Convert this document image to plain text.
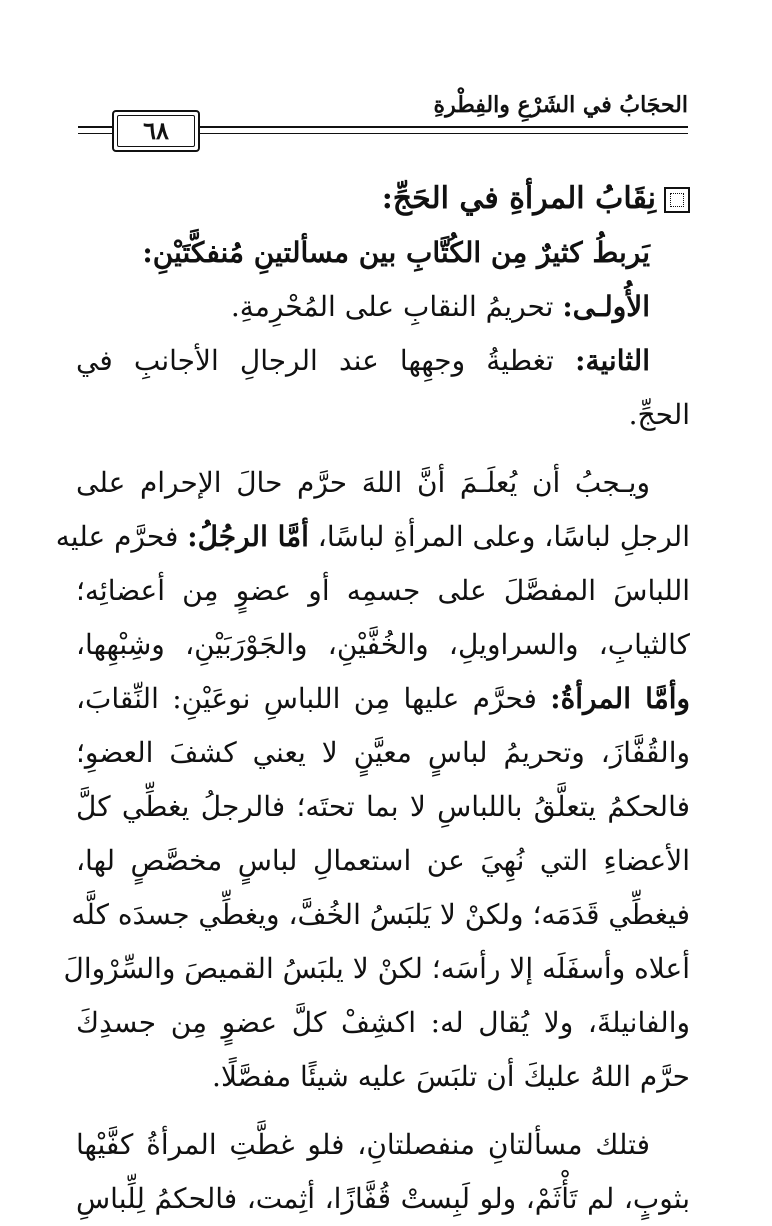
الحجَابُ في الشَرْعِ والفِطْرةِ
٦٨
نِقَابُ المرأةِ في الحَجِّ:
يَربطُ كثيرٌ مِن الكُتَّابِ بين مسألتينِ مُنفكَّتَيْنِ:
الأُولـى: تحريمُ النقابِ على المُحْرِمةِ.
الثانية: تغطيةُ وجهِها عند الرجالِ الأجانبِ في
الحجِّ.
ويـجبُ أن يُعلَـمَ أنَّ اللهَ حرَّم حالَ الإحرام على
الرجلِ لباسًا، وعلى المرأةِ لباسًا، أمَّا الرجُلُ: فحرَّم عليه
اللباسَ المفصَّلَ على جسمِه أو عضوٍ مِن أعضائِه؛
كالثيابِ، والسراويلِ، والخُفَّيْنِ، والجَوْرَبَيْنِ، وشِبْهِها،
وأمَّا المرأةُ: فحرَّم عليها مِن اللباسِ نوعَيْنِ: النِّقابَ،
والقُفَّازَ، وتحريمُ لباسٍ معيَّنٍ لا يعني كشفَ العضوِ؛
فالحكمُ يتعلَّقُ باللباسِ لا بما تحتَه؛ فالرجلُ يغطِّي كلَّ
الأعضاءِ التي نُهِيَ عن استعمالِ لباسٍ مخصَّصٍ لها،
فيغطِّي قَدَمَه؛ ولكنْ لا يَلبَسُ الخُفَّ، ويغطِّي جسدَه كلَّه
أعلاه وأسفَلَه إلا رأسَه؛ لكنْ لا يلبَسُ القميصَ والسِّرْوالَ
والفانيلةَ، ولا يُقال له: اكشِفْ كلَّ عضوٍ مِن جسدِكَ
حرَّم اللهُ عليكَ أن تلبَسَ عليه شيئًا مفصَّلًا.
فتلك مسألتانِ منفصلتانِ، فلو غطَّتِ المرأةُ كفَّيْها
بثوبٍ، لم تَأْثَمْ، ولو لَبِستْ قُفَّازًا، أثِمت، فالحكمُ لِلِّباسِ
